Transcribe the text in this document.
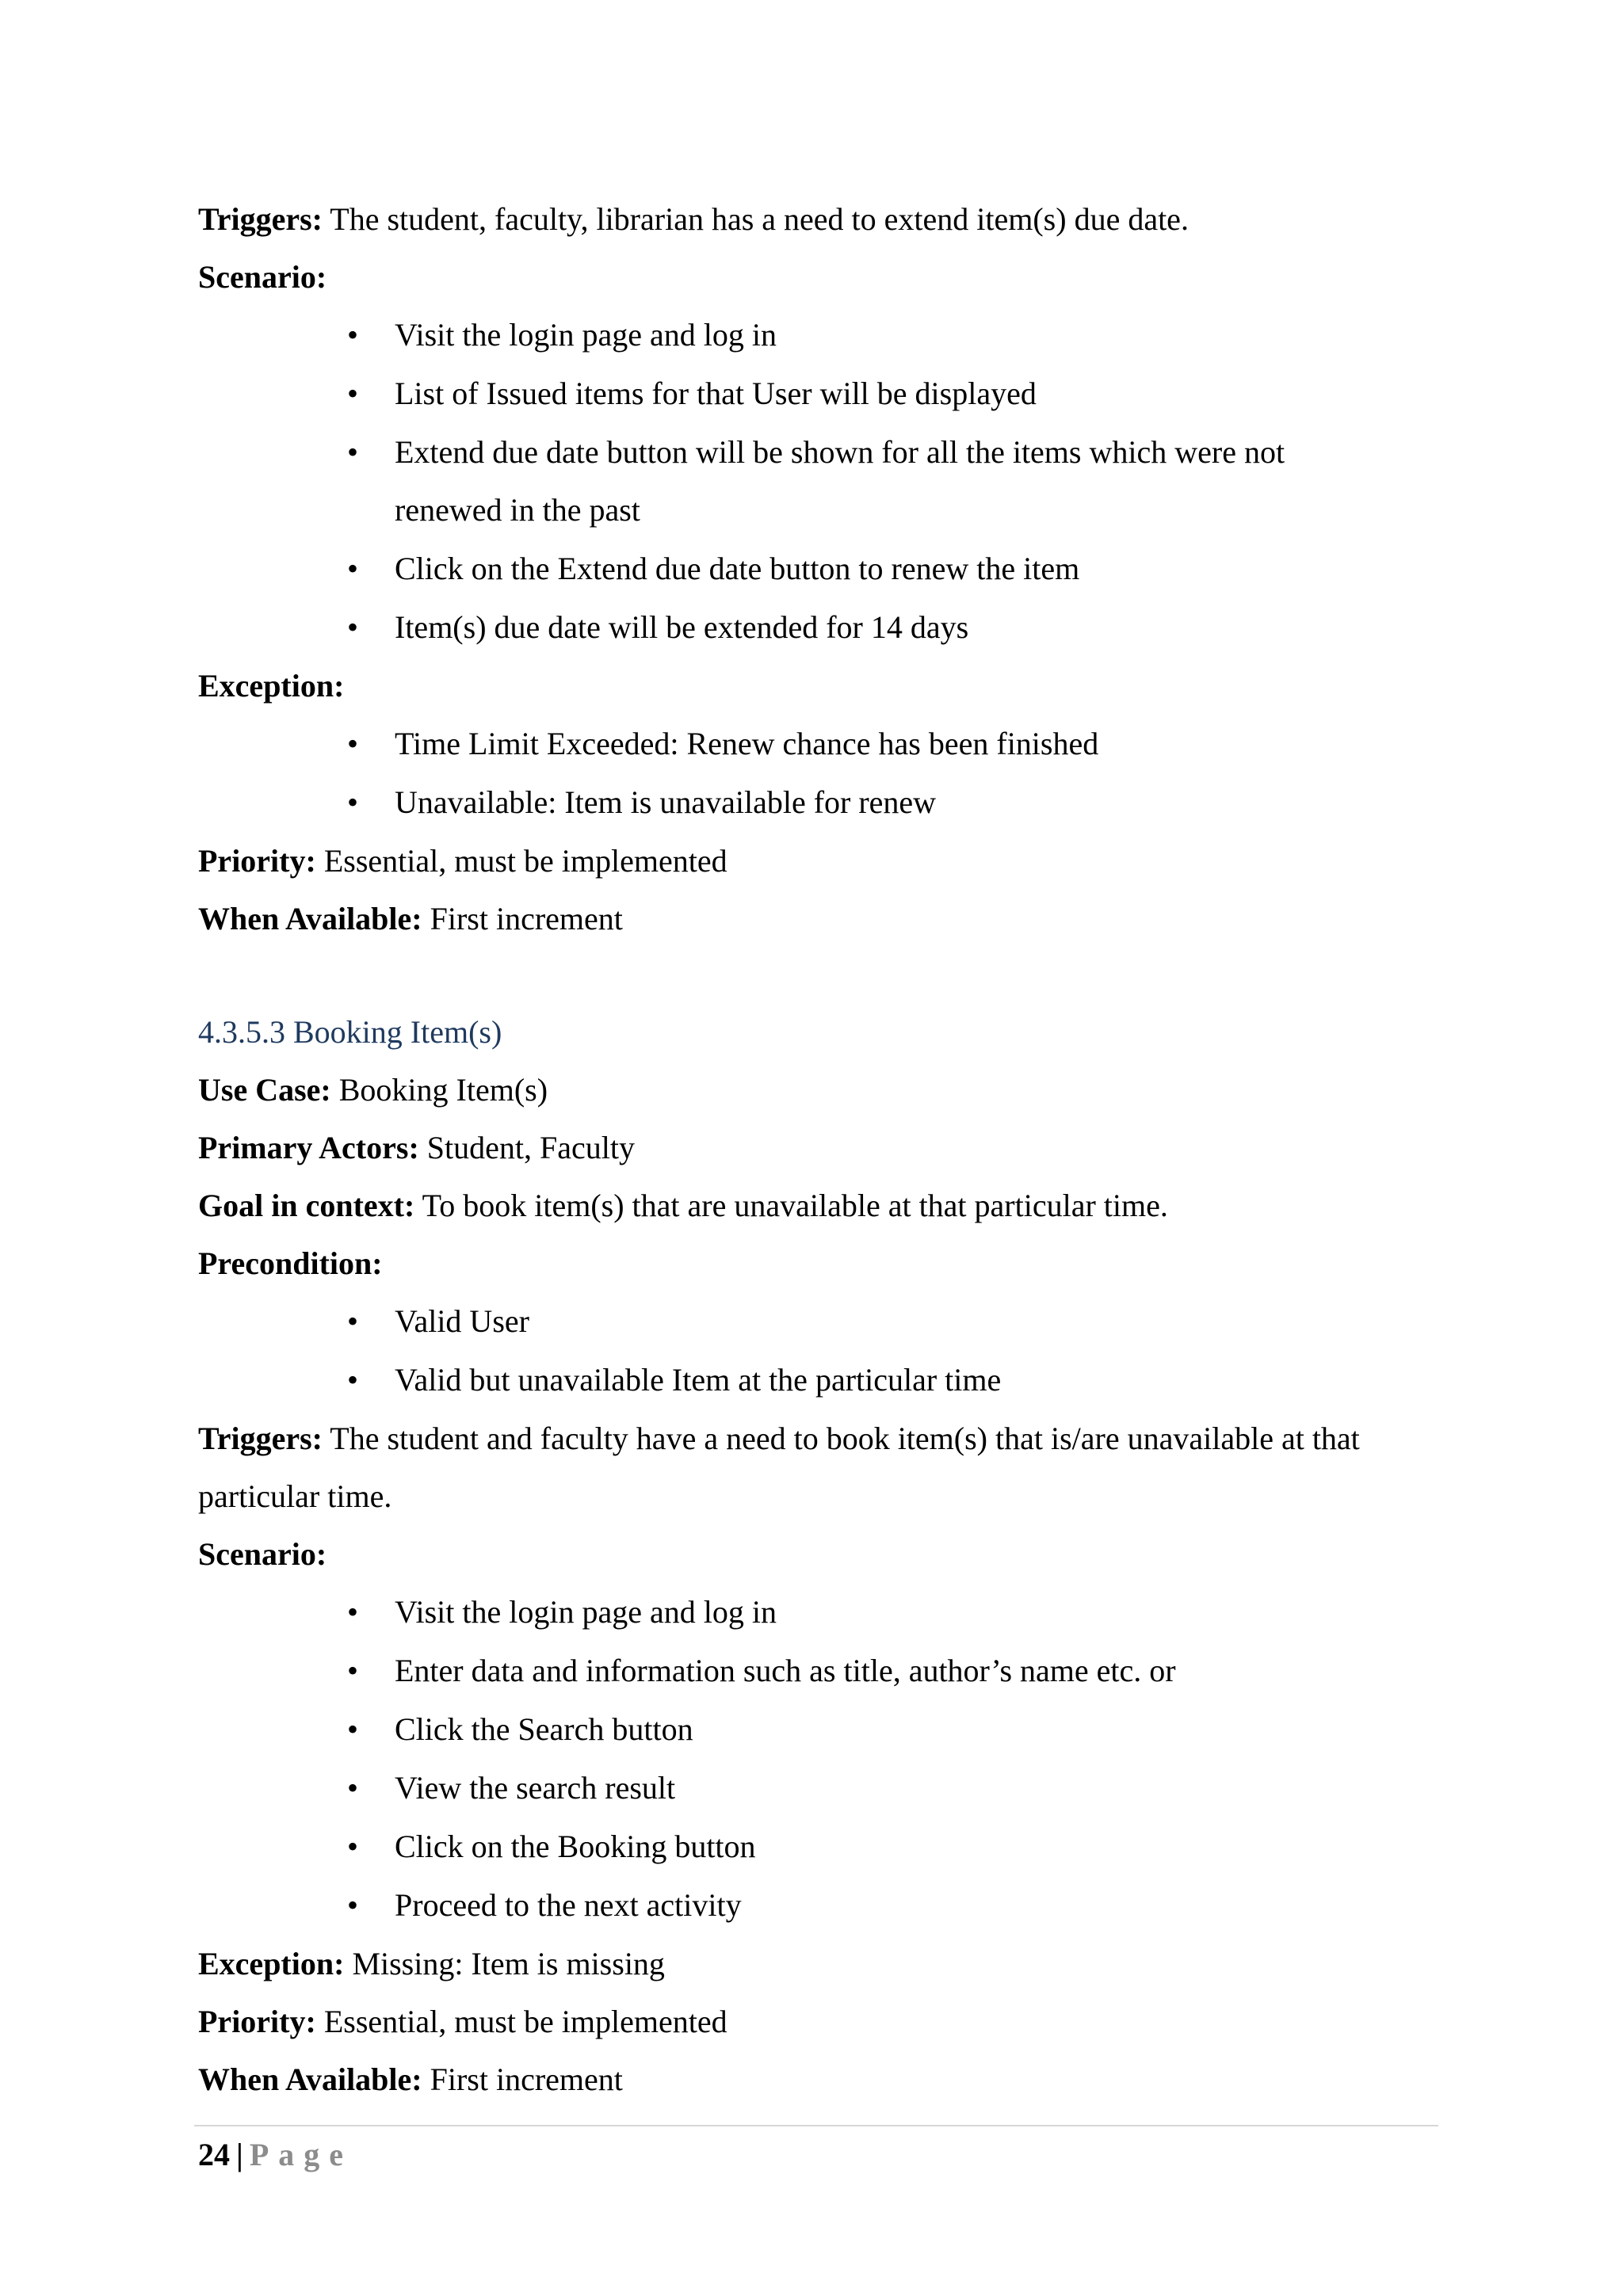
Triggers: The student, faculty, librarian has a need to extend item(s) due date.

Scenario:

• Visit the login page and log in
• List of Issued items for that User will be displayed
• Extend due date button will be shown for all the items which were not renewed in the past
• Click on the Extend due date button to renew the item
• Item(s) due date will be extended for 14 days

Exception:

• Time Limit Exceeded: Renew chance has been finished
• Unavailable: Item is unavailable for renew

Priority: Essential, must be implemented

When Available: First increment

4.3.5.3 Booking Item(s)

Use Case: Booking Item(s)

Primary Actors: Student, Faculty

Goal in context: To book item(s) that are unavailable at that particular time.

Precondition:

• Valid User
• Valid but unavailable Item at the particular time

Triggers: The student and faculty have a need to book item(s) that is/are unavailable at that particular time.

Scenario:

• Visit the login page and log in
• Enter data and information such as title, author’s name etc. or
• Click the Search button
• View the search result
• Click on the Booking button
• Proceed to the next activity

Exception: Missing: Item is missing

Priority: Essential, must be implemented

When Available: First increment

24 | Page
